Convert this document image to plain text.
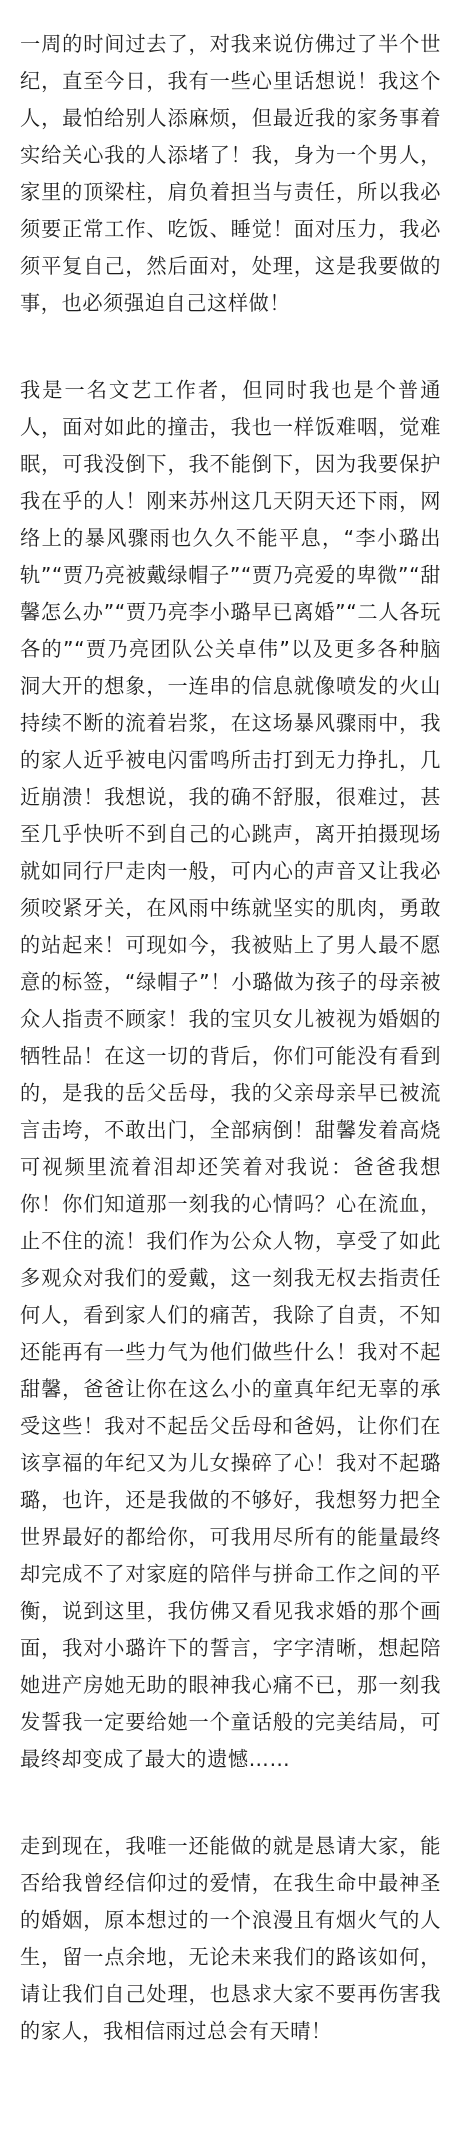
一周的时间过去了，对我来说仿佛过了半个世纪，直至今日，我有一些心里话想说！我这个人，最怕给别人添麻烦，但最近我的家务事着实给关心我的人添堵了！我，身为一个男人，家里的顶梁柱，肩负着担当与责任，所以我必须要正常工作、吃饭、睡觉！面对压力，我必须平复自己，然后面对，处理，这是我要做的事，也必须强迫自己这样做！

我是一名文艺工作者，但同时我也是个普通人，面对如此的撞击，我也一样饭难咽，觉难眠，可我没倒下，我不能倒下，因为我要保护我在乎的人！刚来苏州这几天阴天还下雨，网络上的暴风骤雨也久久不能平息，“李小璐出轨”“贾乃亮被戴绿帽子”“贾乃亮爱的卑微”“甜馨怎么办”“贾乃亮李小璐早已离婚”“二人各玩各的”“贾乃亮团队公关卓伟”以及更多各种脑洞大开的想象，一连串的信息就像喷发的火山持续不断的流着岩浆，在这场暴风骤雨中，我的家人近乎被电闪雷鸣所击打到无力挣扎，几近崩溃！我想说，我的确不舒服，很难过，甚至几乎快听不到自己的心跳声，离开拍摄现场就如同行尸走肉一般，可内心的声音又让我必须咬紧牙关，在风雨中练就坚实的肌肉，勇敢的站起来！可现如今，我被贴上了男人最不愿意的标签，“绿帽子”！小璐做为孩子的母亲被众人指责不顾家！我的宝贝女儿被视为婚姻的牺牲品！在这一切的背后，你们可能没有看到的，是我的岳父岳母，我的父亲母亲早已被流言击垮，不敢出门，全部病倒！甜馨发着高烧可视频里流着泪却还笑着对我说：爸爸我想你！你们知道那一刻我的心情吗？心在流血，止不住的流！我们作为公众人物，享受了如此多观众对我们的爱戴，这一刻我无权去指责任何人，看到家人们的痛苦，我除了自责，不知还能再有一些力气为他们做些什么！我对不起甜馨，爸爸让你在这么小的童真年纪无辜的承受这些！我对不起岳父岳母和爸妈，让你们在该享福的年纪又为儿女操碎了心！我对不起璐璐，也许，还是我做的不够好，我想努力把全世界最好的都给你，可我用尽所有的能量最终却完成不了对家庭的陪伴与拼命工作之间的平衡，说到这里，我仿佛又看见我求婚的那个画面，我对小璐许下的誓言，字字清晰，想起陪她进产房她无助的眼神我心痛不已，那一刻我发誓我一定要给她一个童话般的完美结局，可最终却变成了最大的遗憾……

走到现在，我唯一还能做的就是恳请大家，能否给我曾经信仰过的爱情，在我生命中最神圣的婚姻，原本想过的一个浪漫且有烟火气的人生，留一点余地，无论未来我们的路该如何，请让我们自己处理，也恳求大家不要再伤害我的家人，我相信雨过总会有天晴！
